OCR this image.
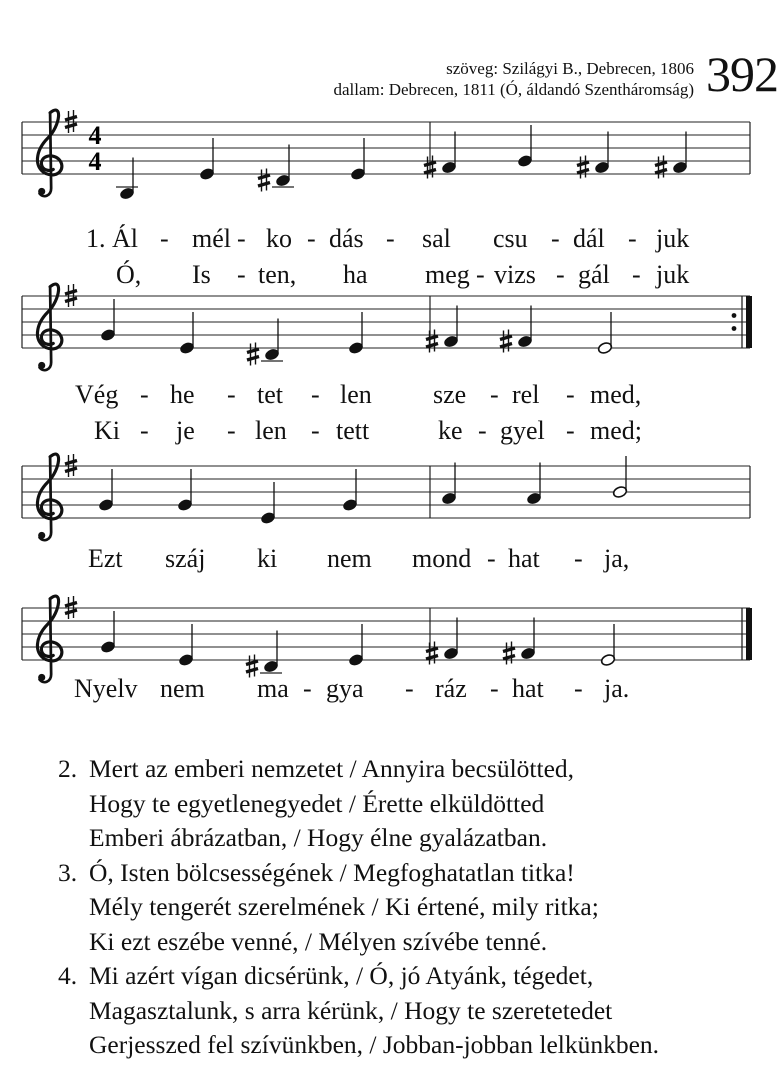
szöveg: Szilágyi B., Debrecen, 1806
dallam: Debrecen, 1811 (Ó, áldandó Szentháromság) 392
4
4
1. Ál - mél - ko - dás - sal csu - dál - juk
Ó, Is - ten, ha meg - vizs - gál - juk
Vég - he - tet - len sze - rel - med,
Ki - je - len - tett	ke - gyel - med;
Ezt száj ki nem mond - hat - ja,
Nyelv nem ma - gya - ráz - hat - ja.
2. Mert az emberi nemzetet / Annyira becsülötted,
Hogy te egyetlenegyedet / Érette elküldötted
Emberi ábrázatban, / Hogy élne gyalázatban.
3. Ó, Isten bölcsességének / Megfoghatatlan titka!
Mély tengerét szerelmének / Ki értené, mily ritka;
Ki ezt eszébe venné, / Mélyen szívébe tenné.
4. Mi azért vígan dicsérünk, / Ó, jó Atyánk, tégedet,
Magasztalunk, s arra kérünk, / Hogy te szeretetedet
Gerjesszed fel szívünkben, / Jobban-jobban lelkünkben.
